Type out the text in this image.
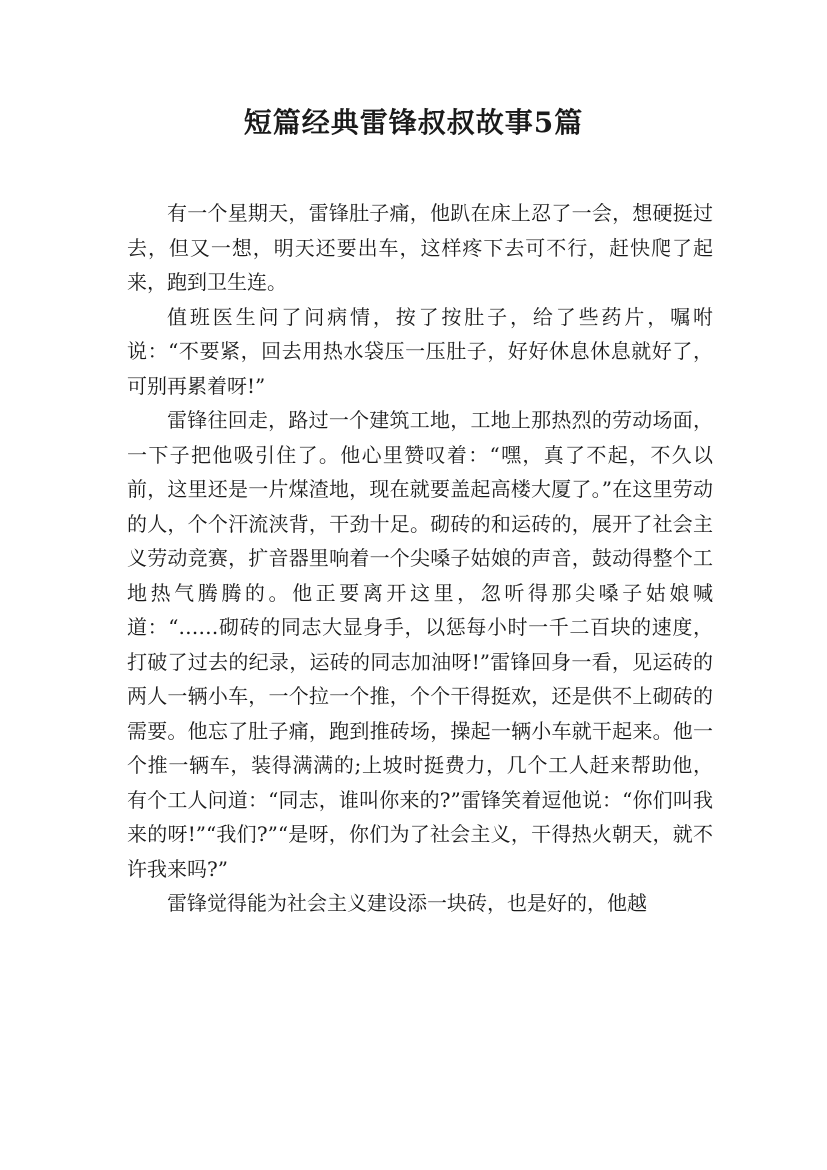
短篇经典雷锋叔叔故事5篇

有一个星期天，雷锋肚子痛，他趴在床上忍了一会，想硬挺过去，但又一想，明天还要出车，这样疼下去可不行，赶快爬了起来，跑到卫生连。

值班医生问了问病情，按了按肚子，给了些药片，嘱咐说：“不要紧，回去用热水袋压一压肚子，好好休息休息就好了，可别再累着呀!”

雷锋往回走，路过一个建筑工地，工地上那热烈的劳动场面，一下子把他吸引住了。他心里赞叹着：“嘿，真了不起，不久以前，这里还是一片煤渣地，现在就要盖起高楼大厦了。”在这里劳动的人，个个汗流浃背，干劲十足。砌砖的和运砖的，展开了社会主义劳动竞赛，扩音器里响着一个尖嗓子姑娘的声音，鼓动得整个工地热气腾腾的。他正要离开这里，忽听得那尖嗓子姑娘喊道：“……砌砖的同志大显身手，以惩每小时一千二百块的速度，打破了过去的纪录，运砖的同志加油呀!”雷锋回身一看，见运砖的两人一辆小车，一个拉一个推，个个干得挺欢，还是供不上砌砖的需要。他忘了肚子痛，跑到推砖场，操起一辆小车就干起来。他一个推一辆车，装得满满的;上坡时挺费力，几个工人赶来帮助他，有个工人问道：“同志，谁叫你来的?”雷锋笑着逗他说：“你们叫我来的呀!”“我们?”“是呀，你们为了社会主义，干得热火朝天，就不许我来吗?”

雷锋觉得能为社会主义建设添一块砖，也是好的，他越
